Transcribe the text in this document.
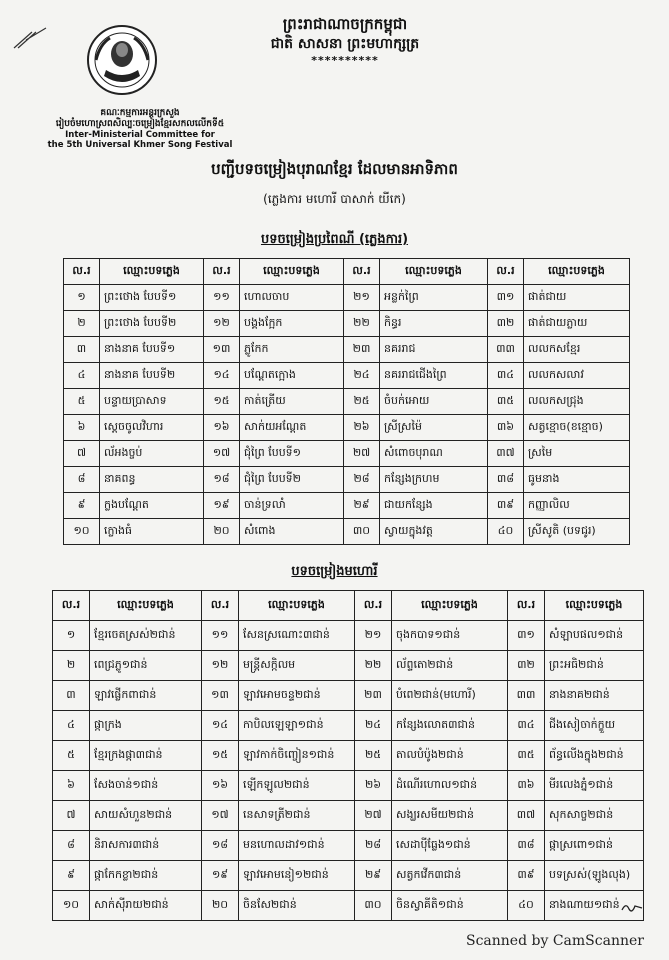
គណៈកម្មការអន្តរក្រសួង
រៀបចំមហោស្រពសិល្បៈចម្រៀងខ្មែរសកលលើកទី៥
Inter-Ministerial Committee for
the 5th Universal Khmer Song Festival
ព្រះរាជាណាចក្រកម្ពុជា
ជាតិ សាសនា ព្រះមហាក្សត្រ
**********
បញ្ជីបទចម្រៀងបុរាណខ្មែរ ដែលមានអាទិភាព
(ភ្លេងការ មហោរី បាសាក់ យីកេ)
បទចម្រៀងប្រពៃណី (ភ្លេងការ)
ល.រ	ឈ្មោះបទភ្លេង	ល.រ	ឈ្មោះបទភ្លេង	ល.រ	ឈ្មោះបទភ្លេង	ល.រ	ឈ្មោះបទភ្លេង
១	ព្រះថោង បែបទី១	១១	ហោលចាប	២១	អន្លក់ព្រៃ	៣១	ផាត់ជាយ
២	ព្រះថោង បែបទី២	១២	បង្គងក្អែក	២២	កិន្ធរ	៣២	ផាត់ជាយភ្លាយ
៣	នាងនាគ បែបទី១	១៣	ភ្លូកែក	២៣	នគររាជ	៣៣	លលកសខ្មែរ
៤	នាងនាគ បែបទី២	១៤	បណ្តែតក្អោង	២៤	នគររាជជើងព្រៃ	៣៤	លលកសលាវ
៥	បន្ទាយប្រាសាទ	១៥	កាត់ត្រើយ	២៥	ចំបក់អោយ	៣៥	លលកសជ្រុង
៦	ស្តេចចូលវិហារ	១៦	សាក់យអណ្តែត	២៦	ស្រីស្រម៉ៃ	៣៦	សត្វខ្មោច(ខខ្មោច)
៧	ល័អងច្ចប់	១៧	ជុំព្រៃ បែបទី១	២៧	សំពោចបុរាណ	៣៧	ស្រមៃ
៨	នាគពន្ធ	១៨	ជុំព្រៃ បែបទី២	២៨	កន្សែងក្រហម	៣៨	ធូមនាង
៩	ក្លងបណ្តែត	១៩	ចាន់ទ្រលាំ	២៩	ជាយកន្សែង	៣៩	កញ្ញាលិល
១០	ក្លោងធំ	២០	សំពោង	៣០	ស្វាយក្នុងវត្ត	៤០	ស្រីសូតិ (បទជូរ)
បទចម្រៀងមហោរី
ល.រ	ឈ្មោះបទភ្លេង	ល.រ	ឈ្មោះបទភ្លេង	ល.រ	ឈ្មោះបទភ្លេង	ល.រ	ឈ្មោះបទភ្លេង
១	ខ្មែរចេតស្រស់២ជាន់	១១	សែនស្រណោះ៣ជាន់	២១	ចុងកបាទ១ជាន់	៣១	សំឡាបផល១ជាន់
២	ពេជ្រភ្លូ១ជាន់	១២	មន្ត្រីសក្កិលម	២២	ល័ព្ទតោ២ជាន់	៣២	ព្រះអធិ២ជាន់
៣	ឡាវផ្លើកពាជាន់	១៣	ឡាវអោមចន្ទ២ជាន់	២៣	បំពេ២ជាន់(មហោរី)	៣៣	នាងនាគ២ជាន់
៤	ផ្កាក្រង	១៤	កាបិលឡេឡា១ជាន់	២៤	កន្សែងលោត៣ជាន់	៣៤	ជីងសៀចាក់ក្ខួយ
៥	ខ្មែរក្រងផ្កា៣ជាន់	១៥	ឡាវកាក់ចិញ្ចៀន១ជាន់	២៥	តាលបំប៉ូង២ជាន់	៣៥	ព័ន្ធលើងក្នុង២ជាន់
៦	សែងចាន់១ជាន់	១៦	ឡើកឡូល២ជាន់	២៦	ដំណើរហោល១ជាន់	៣៦	មីរលេងភ្នំ១ជាន់
៧	សាយសំហួន២ជាន់	១៧	នេសាទត្រី២ជាន់	២៧	សង្ឃរសមីយ២ជាន់	៣៧	សុកសាច្ច២ជាន់
៨	និរាសការ៣ជាន់	១៨	មនហោលដាវ១ជាន់	២៨	សេដាប៉ីធ្លែង១ជាន់	៣៨	ផ្កាស្រពោ១ជាន់
៩	ផ្កាកែកខ្លា២ជាន់	១៩	ឡាវអោមនៀ១២ជាន់	២៩	សត្វកវើក៣ជាន់	៣៩	បទស្រស់(ឡូងលុង)
១០	សាក់ស៊ីរាយ២ជាន់	២០	ចិនសែ២ជាន់	៣០	ចិនស្វាគីតិ១ជាន់	៤០	នាងណាយ១ជាន់
Scanned by CamScanner
